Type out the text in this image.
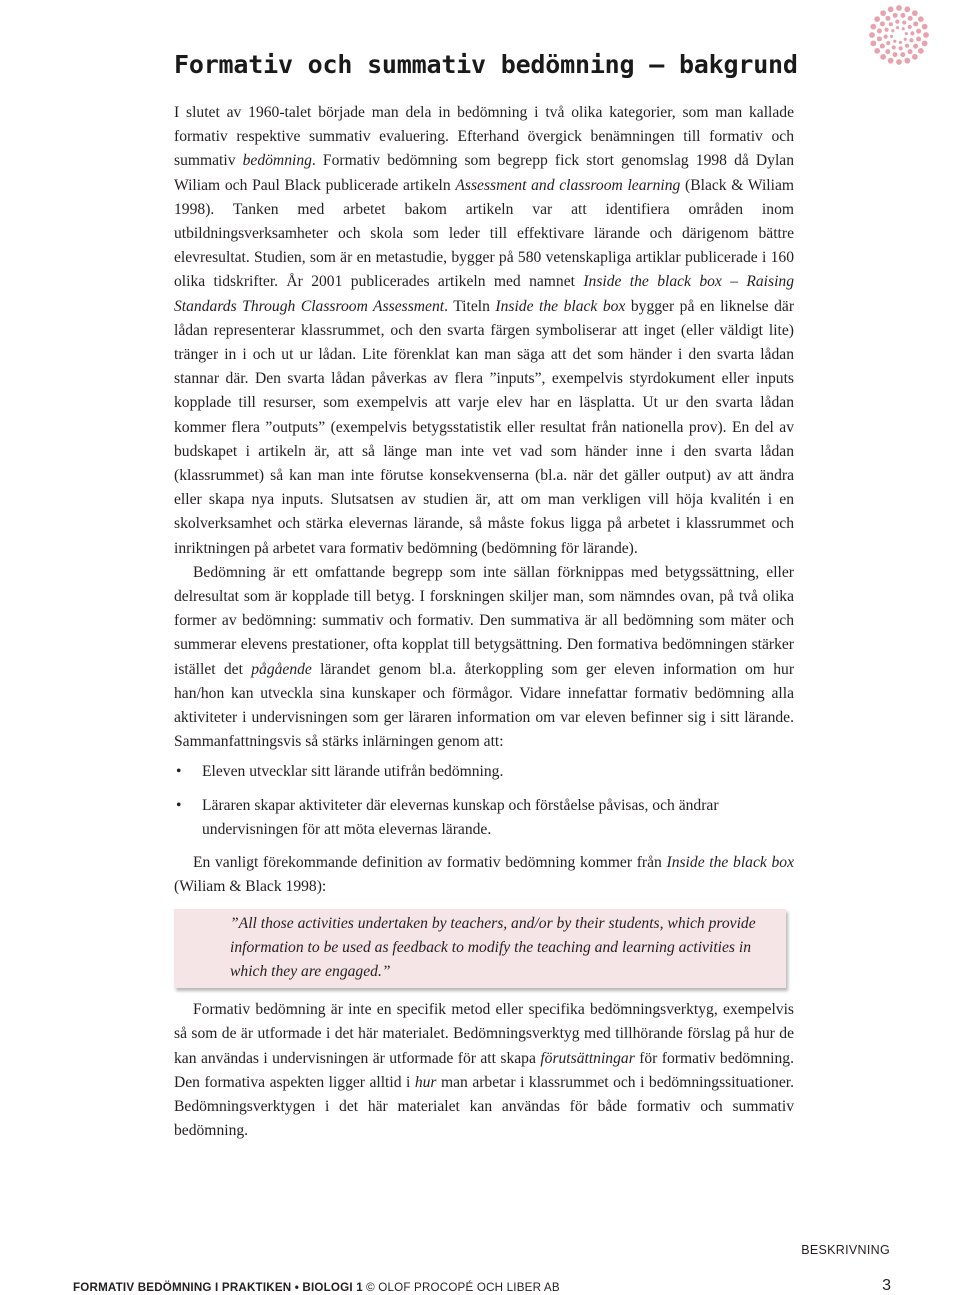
Formativ och summativ bedömning – bakgrund

I slutet av 1960-talet började man dela in bedömning i två olika kategorier, som man kallade formativ respektive summativ evaluering. Efterhand övergick benämningen till formativ och summativ bedömning. Formativ bedömning som begrepp fick stort genomslag 1998 då Dylan Wiliam och Paul Black publicerade artikeln Assessment and classroom learning (Black & Wiliam 1998). Tanken med arbetet bakom artikeln var att identifiera områden inom utbildningsverksamheter och skola som leder till effektivare lärande och därigenom bättre elevresultat. Studien, som är en metastudie, bygger på 580 vetenskapliga artiklar publicerade i 160 olika tidskrifter. År 2001 publicerades artikeln med namnet Inside the black box – Raising Standards Through Classroom Assessment. Titeln Inside the black box bygger på en liknelse där lådan representerar klassrummet, och den svarta färgen symboliserar att inget (eller väldigt lite) tränger in i och ut ur lådan. Lite förenklat kan man säga att det som händer i den svarta lådan stannar där. Den svarta lådan påverkas av flera ”inputs”, exempelvis styrdokument eller inputs kopplade till resurser, som exempelvis att varje elev har en läsplatta. Ut ur den svarta lådan kommer flera ”outputs” (exempelvis betygsstatistik eller resultat från nationella prov). En del av budskapet i artikeln är, att så länge man inte vet vad som händer inne i den svarta lådan (klassrummet) så kan man inte förutse konsekvenserna (bl.a. när det gäller output) av att ändra eller skapa nya inputs. Slutsatsen av studien är, att om man verkligen vill höja kvalitén i en skolverksamhet och stärka elevernas lärande, så måste fokus ligga på arbetet i klassrummet och inriktningen på arbetet vara formativ bedömning (bedömning för lärande).

Bedömning är ett omfattande begrepp som inte sällan förknippas med betygssättning, eller delresultat som är kopplade till betyg. I forskningen skiljer man, som nämndes ovan, på två olika former av bedömning: summativ och formativ. Den summativa är all bedömning som mäter och summerar elevens prestationer, ofta kopplat till betygsättning. Den formativa bedömningen stärker istället det pågående lärandet genom bl.a. återkoppling som ger eleven information om hur han/hon kan utveckla sina kunskaper och förmågor. Vidare innefattar formativ bedömning alla aktiviteter i undervisningen som ger läraren information om var eleven befinner sig i sitt lärande. Sammanfattningsvis så stärks inlärningen genom att:

• Eleven utvecklar sitt lärande utifrån bedömning.
• Läraren skapar aktiviteter där elevernas kunskap och förståelse påvisas, och ändrar undervisningen för att möta elevernas lärande.

En vanligt förekommande definition av formativ bedömning kommer från Inside the black box (Wiliam & Black 1998):

”All those activities undertaken by teachers, and/or by their students, which provide information to be used as feedback to modify the teaching and learning activities in which they are engaged.”

Formativ bedömning är inte en specifik metod eller specifika bedömningsverktyg, exempelvis så som de är utformade i det här materialet. Bedömningsverktyg med tillhörande förslag på hur de kan användas i undervisningen är utformade för att skapa förutsättningar för formativ bedömning. Den formativa aspekten ligger alltid i hur man arbetar i klassrummet och i bedömningssituationer. Bedömningsverktygen i det här materialet kan användas för både formativ och summativ bedömning.

BESKRIVNING
FORMATIV BEDÖMNING I PRAKTIKEN • BIOLOGI 1 © OLOF PROCOPÉ OCH LIBER AB	3
